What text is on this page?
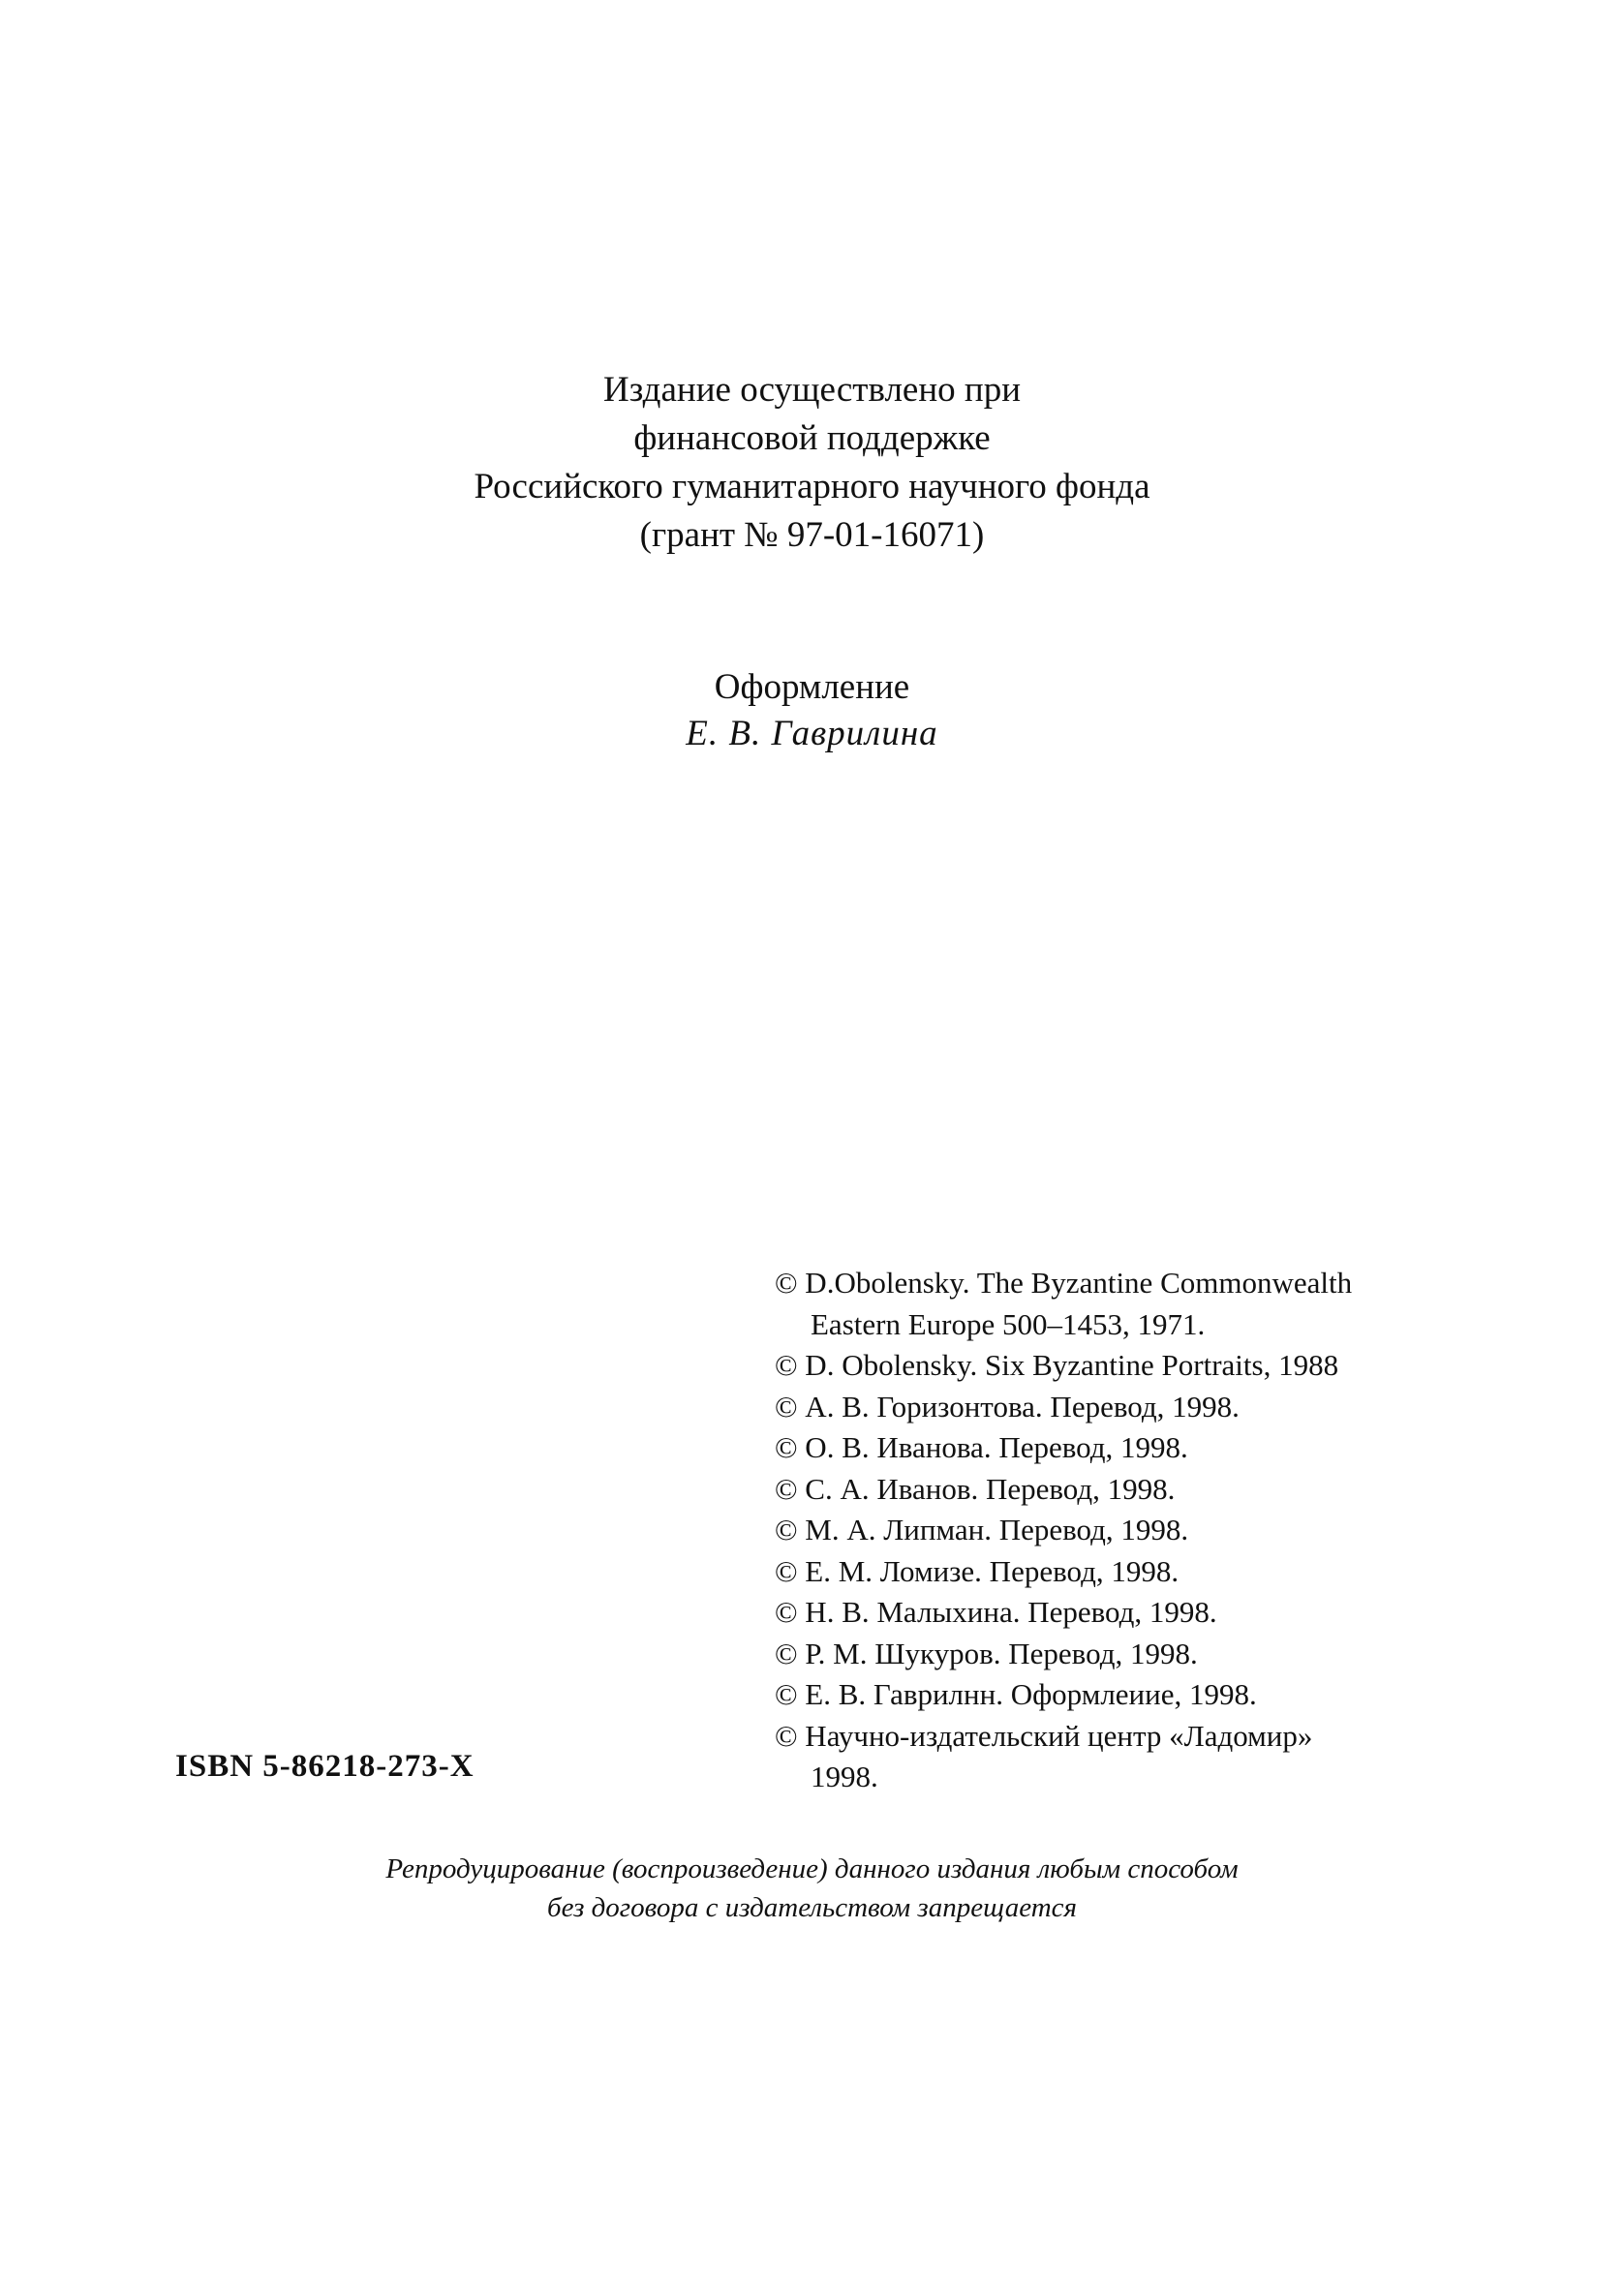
Издание осуществлено при
финансовой поддержке
Российского гуманитарного научного фонда
(грант № 97-01-16071)
Оформление
Е. В. Гаврилина
© D.Obolensky. The Byzantine Commonwealth
Eastern Europe 500–1453, 1971.
© D. Obolensky. Six Byzantine Portraits, 1988
© А. В. Горизонтова. Перевод, 1998.
© О. В. Иванова. Перевод, 1998.
© С. А. Иванов. Перевод, 1998.
© М. А. Липман. Перевод, 1998.
© Е. М. Ломизе. Перевод, 1998.
© Н. В. Малыхина. Перевод, 1998.
© Р. М. Шукуров. Перевод, 1998.
© Е. В. Гаврилнн. Оформлеиие, 1998.
© Научно-издательский центр «Ладомир»
1998.
ISBN 5-86218-273-X
Репродуцирование (воспроизведение) данного издания любым способом
без договора с издательством запрещается
